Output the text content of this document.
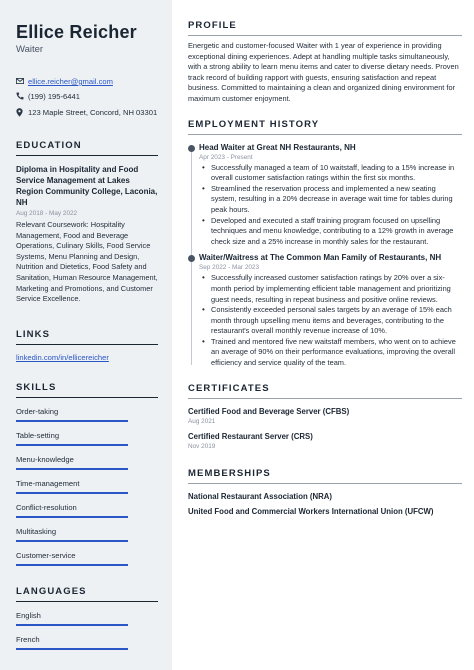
Ellice Reicher
Waiter
ellice.reicher@gmail.com
(199) 195-6441
123 Maple Street, Concord, NH 03301
EDUCATION
Diploma in Hospitality and Food Service Management at Lakes Region Community College, Laconia, NH
Aug 2018 - May 2022
Relevant Coursework: Hospitality Management, Food and Beverage Operations, Culinary Skills, Food Service Systems, Menu Planning and Design, Nutrition and Dietetics, Food Safety and Sanitation, Human Resource Management, Marketing and Promotions, and Customer Service Excellence.
LINKS
linkedin.com/in/ellicereicher
SKILLS
Order-taking
Table-setting
Menu-knowledge
Time-management
Conflict-resolution
Multitasking
Customer-service
LANGUAGES
English
French
PROFILE
Energetic and customer-focused Waiter with 1 year of experience in providing exceptional dining experiences. Adept at handling multiple tasks simultaneously, with a strong ability to learn menu items and cater to diverse dietary needs. Proven track record of building rapport with guests, ensuring satisfaction and repeat business. Committed to maintaining a clean and organized dining environment for maximum customer enjoyment.
EMPLOYMENT HISTORY
Head Waiter at Great NH Restaurants, NH
Apr 2023 - Present
• Successfully managed a team of 10 waitstaff, leading to a 15% increase in overall customer satisfaction ratings within the first six months.
• Streamlined the reservation process and implemented a new seating system, resulting in a 20% decrease in average wait time for tables during peak hours.
• Developed and executed a staff training program focused on upselling techniques and menu knowledge, contributing to a 12% growth in average check size and a 25% increase in monthly sales for the restaurant.
Waiter/Waitress at The Common Man Family of Restaurants, NH
Sep 2022 - Mar 2023
• Successfully increased customer satisfaction ratings by 20% over a six-month period by implementing efficient table management and prioritizing guest needs, resulting in repeat business and positive online reviews.
• Consistently exceeded personal sales targets by an average of 15% each month through upselling menu items and beverages, contributing to the restaurant's overall monthly revenue increase of 10%.
• Trained and mentored five new waitstaff members, who went on to achieve an average of 90% on their performance evaluations, improving the overall efficiency and service quality of the team.
CERTIFICATES
Certified Food and Beverage Server (CFBS)
Aug 2021
Certified Restaurant Server (CRS)
Nov 2019
MEMBERSHIPS
National Restaurant Association (NRA)
United Food and Commercial Workers International Union (UFCW)
